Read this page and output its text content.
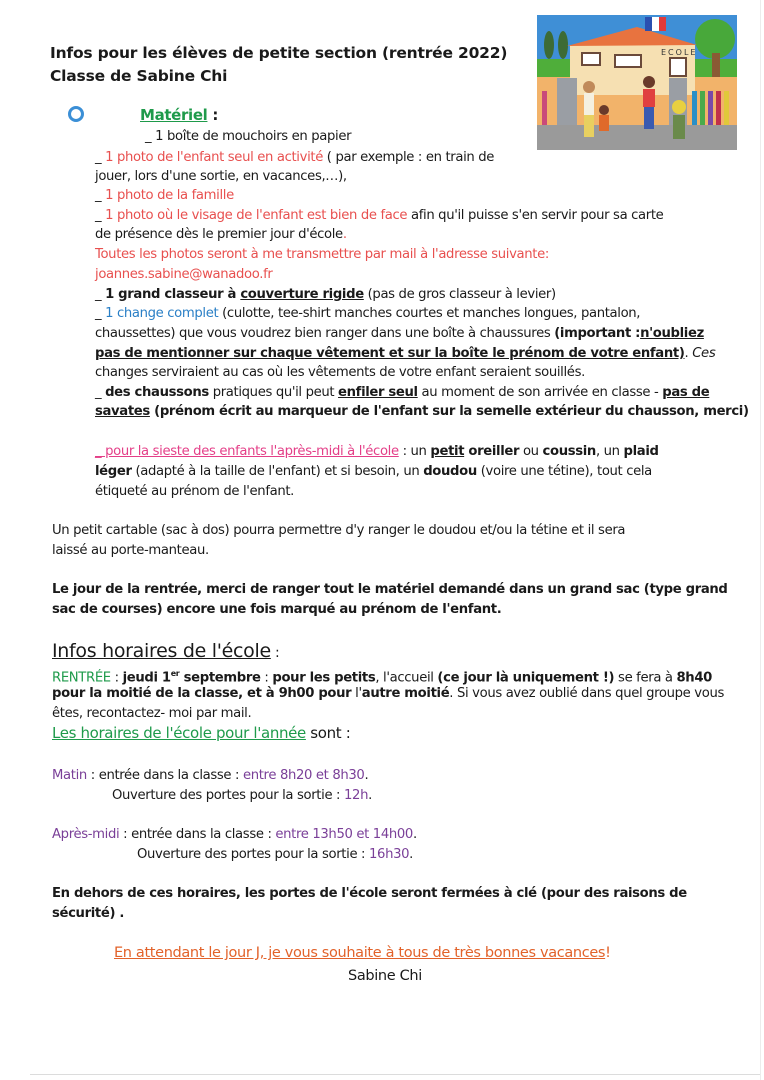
Infos pour les élèves de petite section (rentrée 2022)
Classe de Sabine Chi
ECOLE
Matériel :
_ 1 boîte de mouchoirs en papier
_ 1 photo de l'enfant seul en activité ( par exemple : en train de
jouer, lors d'une sortie, en vacances,…),
_ 1 photo de la famille
_ 1 photo où le visage de l'enfant est bien de face afin qu'il puisse s'en servir pour sa carte
de présence dès le premier jour d'école.
Toutes les photos seront à me transmettre par mail à l'adresse suivante:
joannes.sabine@wanadoo.fr
_ 1 grand classeur à couverture rigide (pas de gros classeur à levier)
_ 1 change complet (culotte, tee-shirt manches courtes et manches longues, pantalon,
chaussettes) que vous voudrez bien ranger dans une boîte à chaussures (important :n'oubliez
pas de mentionner sur chaque vêtement et sur la boîte le prénom de votre enfant). Ces
changes serviraient au cas où les vêtements de votre enfant seraient souillés.
_ des chaussons pratiques qu'il peut enfiler seul au moment de son arrivée en classe - pas de
savates (prénom écrit au marqueur de l'enfant sur la semelle extérieur du chausson, merci)
_ pour la sieste des enfants l'après-midi à l'école : un petit oreiller ou coussin, un plaid
léger (adapté à la taille de l'enfant) et si besoin, un doudou (voire une tétine), tout cela
étiqueté au prénom de l'enfant.
Un petit cartable (sac à dos) pourra permettre d'y ranger le doudou et/ou la tétine et il sera
laissé au porte-manteau.
Le jour de la rentrée, merci de ranger tout le matériel demandé dans un grand sac (type grand
sac de courses) encore une fois marqué au prénom de l'enfant.
Infos horaires de l'école :
RENTRÉE : jeudi 1er septembre : pour les petits, l'accueil (ce jour là uniquement !) se fera à 8h40
pour la moitié de la classe, et à 9h00 pour l'autre moitié. Si vous avez oublié dans quel groupe vous
êtes, recontactez- moi par mail.
Les horaires de l'école pour l'année sont :
Matin : entrée dans la classe : entre 8h20 et 8h30.
Ouverture des portes pour la sortie : 12h.
Après-midi : entrée dans la classe : entre 13h50 et 14h00.
Ouverture des portes pour la sortie : 16h30.
En dehors de ces horaires, les portes de l'école seront fermées à clé (pour des raisons de
sécurité) .
En attendant le jour J, je vous souhaite à tous de très bonnes vacances!
Sabine Chi
